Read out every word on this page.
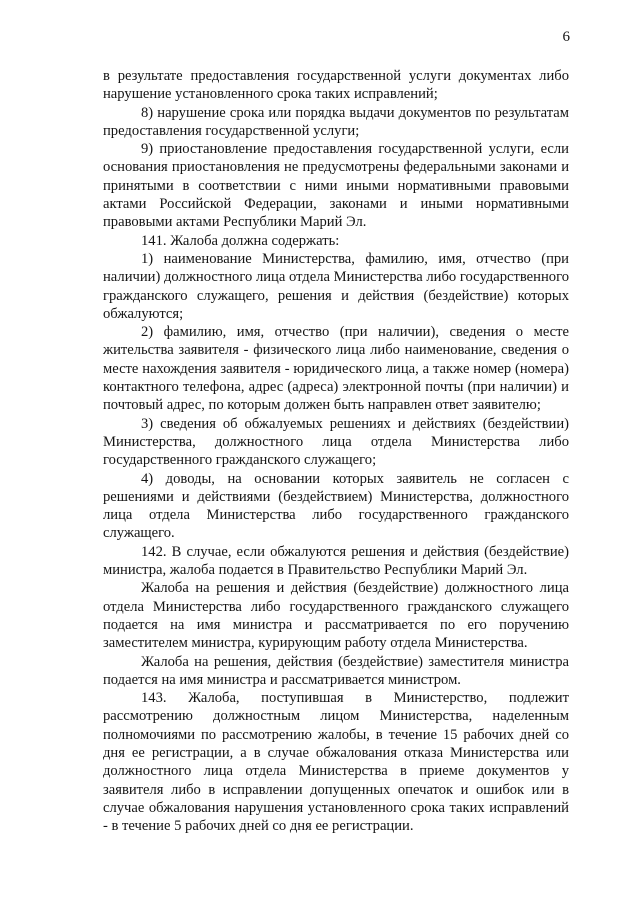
6

в результате предоставления государственной услуги документах либо нарушение установленного срока таких исправлений;

8) нарушение срока или порядка выдачи документов по результатам предоставления государственной услуги;

9) приостановление предоставления государственной услуги, если основания приостановления не предусмотрены федеральными законами и принятыми в соответствии с ними иными нормативными правовыми актами Российской Федерации, законами и иными нормативными правовыми актами Республики Марий Эл.

141. Жалоба должна содержать:

1) наименование Министерства, фамилию, имя, отчество (при наличии) должностного лица отдела Министерства либо государственного гражданского служащего, решения и действия (бездействие) которых обжалуются;

2) фамилию, имя, отчество (при наличии), сведения о месте жительства заявителя - физического лица либо наименование, сведения о месте нахождения заявителя - юридического лица, а также номер (номера) контактного телефона, адрес (адреса) электронной почты (при наличии) и почтовый адрес, по которым должен быть направлен ответ заявителю;

3) сведения об обжалуемых решениях и действиях (бездействии) Министерства, должностного лица отдела Министерства либо государственного гражданского служащего;

4) доводы, на основании которых заявитель не согласен с решениями и действиями (бездействием) Министерства, должностного лица отдела Министерства либо государственного гражданского служащего.

142. В случае, если обжалуются решения и действия (бездействие) министра, жалоба подается в Правительство Республики Марий Эл.

Жалоба на решения и действия (бездействие) должностного лица отдела Министерства либо государственного гражданского служащего подается на имя министра и рассматривается по его поручению заместителем министра, курирующим работу отдела Министерства.

Жалоба на решения, действия (бездействие) заместителя министра подается на имя министра и рассматривается министром.

143. Жалоба, поступившая в Министерство, подлежит рассмотрению должностным лицом Министерства, наделенным полномочиями по рассмотрению жалобы, в течение 15 рабочих дней со дня ее регистрации, а в случае обжалования отказа Министерства или должностного лица отдела Министерства в приеме документов у заявителя либо в исправлении допущенных опечаток и ошибок или в случае обжалования нарушения установленного срока таких исправлений - в течение 5 рабочих дней со дня ее регистрации.
